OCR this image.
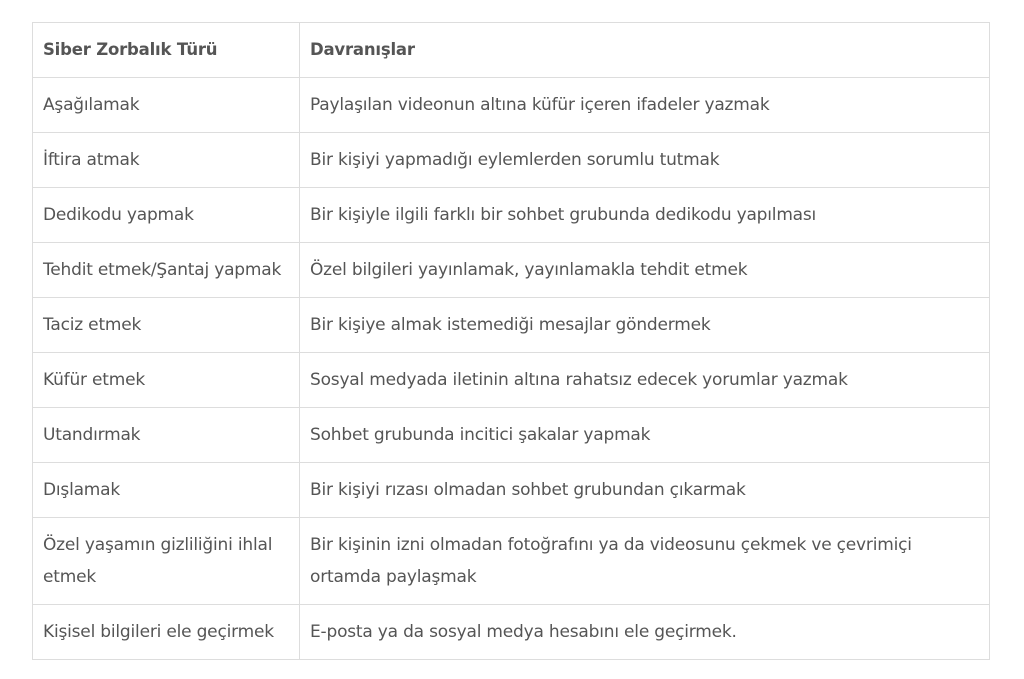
Siber Zorbalık Türü	Davranışlar
Aşağılamak	Paylaşılan videonun altına küfür içeren ifadeler yazmak
İftira atmak	Bir kişiyi yapmadığı eylemlerden sorumlu tutmak
Dedikodu yapmak	Bir kişiyle ilgili farklı bir sohbet grubunda dedikodu yapılması
Tehdit etmek/Şantaj yapmak	Özel bilgileri yayınlamak, yayınlamakla tehdit etmek
Taciz etmek	Bir kişiye almak istemediği mesajlar göndermek
Küfür etmek	Sosyal medyada iletinin altına rahatsız edecek yorumlar yazmak
Utandırmak	Sohbet grubunda incitici şakalar yapmak
Dışlamak	Bir kişiyi rızası olmadan sohbet grubundan çıkarmak
Özel yaşamın gizliliğini ihlal etmek	Bir kişinin izni olmadan fotoğrafını ya da videosunu çekmek ve çevrimiçi ortamda paylaşmak
Kişisel bilgileri ele geçirmek	E-posta ya da sosyal medya hesabını ele geçirmek.
